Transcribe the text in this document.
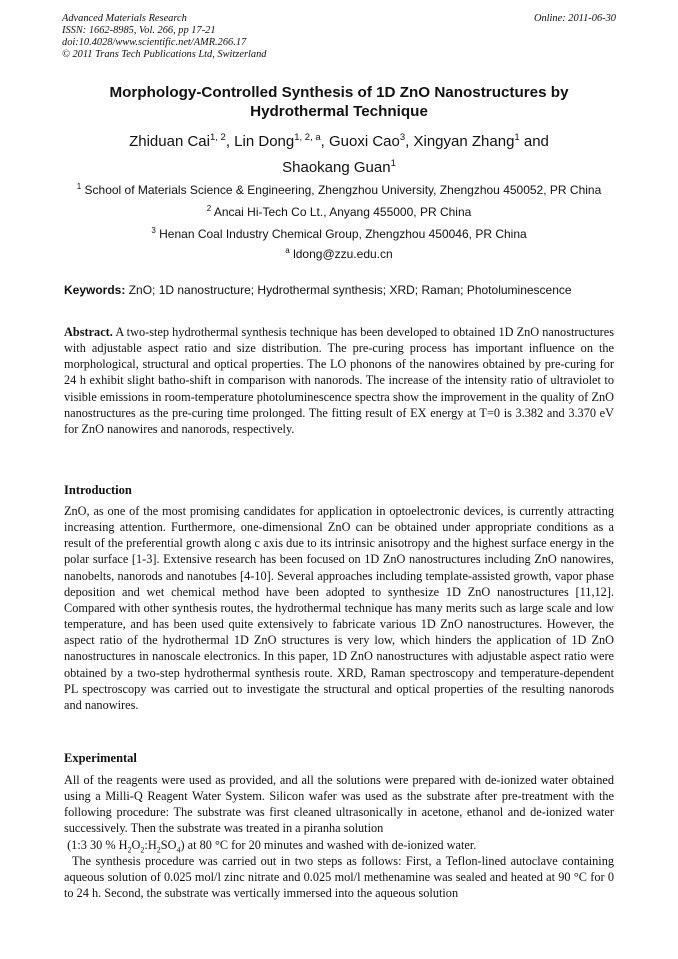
Advanced Materials Research
ISSN: 1662-8985, Vol. 266, pp 17-21
doi:10.4028/www.scientific.net/AMR.266.17
© 2011 Trans Tech Publications Ltd, Switzerland
Online: 2011-06-30
Morphology-Controlled Synthesis of 1D ZnO Nanostructures by Hydrothermal Technique
Zhiduan Cai$^{1, 2}$, Lin Dong$^{1, 2, a}$, Guoxi Cao$^3$, Xingyan Zhang$^1$ and
Shaokang Guan$^1$
$^1$ School of Materials Science & Engineering, Zhengzhou University, Zhengzhou 450052, PR China
$^2$ Ancai Hi-Tech Co Lt., Anyang 455000, PR China
$^3$ Henan Coal Industry Chemical Group, Zhengzhou 450046, PR China
$^a$ ldong@zzu.edu.cn
Keywords: ZnO; 1D nanostructure; Hydrothermal synthesis; XRD; Raman; Photoluminescence
Abstract. A two-step hydrothermal synthesis technique has been developed to obtained 1D ZnO nanostructures with adjustable aspect ratio and size distribution. The pre-curing process has important influence on the morphological, structural and optical properties. The LO phonons of the nanowires obtained by pre-curing for 24 h exhibit slight batho-shift in comparison with nanorods. The increase of the intensity ratio of ultraviolet to visible emissions in room-temperature photoluminescence spectra show the improvement in the quality of ZnO nanostructures as the pre-curing time prolonged. The fitting result of EX energy at T=0 is 3.382 and 3.370 eV for ZnO nanowires and nanorods, respectively.
Introduction

ZnO, as one of the most promising candidates for application in optoelectronic devices, is currently attracting increasing attention. Furthermore, one-dimensional ZnO can be obtained under appropriate conditions as a result of the preferential growth along c axis due to its intrinsic anisotropy and the highest surface energy in the polar surface [1-3]. Extensive research has been focused on 1D ZnO nanostructures including ZnO nanowires, nanobelts, nanorods and nanotubes [4-10]. Several approaches including template-assisted growth, vapor phase deposition and wet chemical method have been adopted to synthesize 1D ZnO nanostructures [11,12]. Compared with other synthesis routes, the hydrothermal technique has many merits such as large scale and low temperature, and has been used quite extensively to fabricate various 1D ZnO nanostructures. However, the aspect ratio of the hydrothermal 1D ZnO structures is very low, which hinders the application of 1D ZnO nanostructures in nanoscale electronics. In this paper, 1D ZnO nanostructures with adjustable aspect ratio were obtained by a two-step hydrothermal synthesis route. XRD, Raman spectroscopy and temperature-dependent PL spectroscopy was carried out to investigate the structural and optical properties of the resulting nanorods and nanowires.

Experimental

All of the reagents were used as provided, and all the solutions were prepared with de-ionized water obtained using a Milli-Q Reagent Water System. Silicon wafer was used as the substrate after pre-treatment with the following procedure: The substrate was first cleaned ultrasonically in acetone, ethanol and de-ionized water successively. Then the substrate was treated in a piranha solution

(1:3 30 % $H_2O_2:H_2SO_4$) at 80 °C for 20 minutes and washed with de-ionized water.

The synthesis procedure was carried out in two steps as follows: First, a Teflon-lined autoclave containing aqueous solution of 0.025 mol/l zinc nitrate and 0.025 mol/l methenamine was sealed and heated at 90 °C for 0 to 24 h. Second, the substrate was vertically immersed into the aqueous solution
